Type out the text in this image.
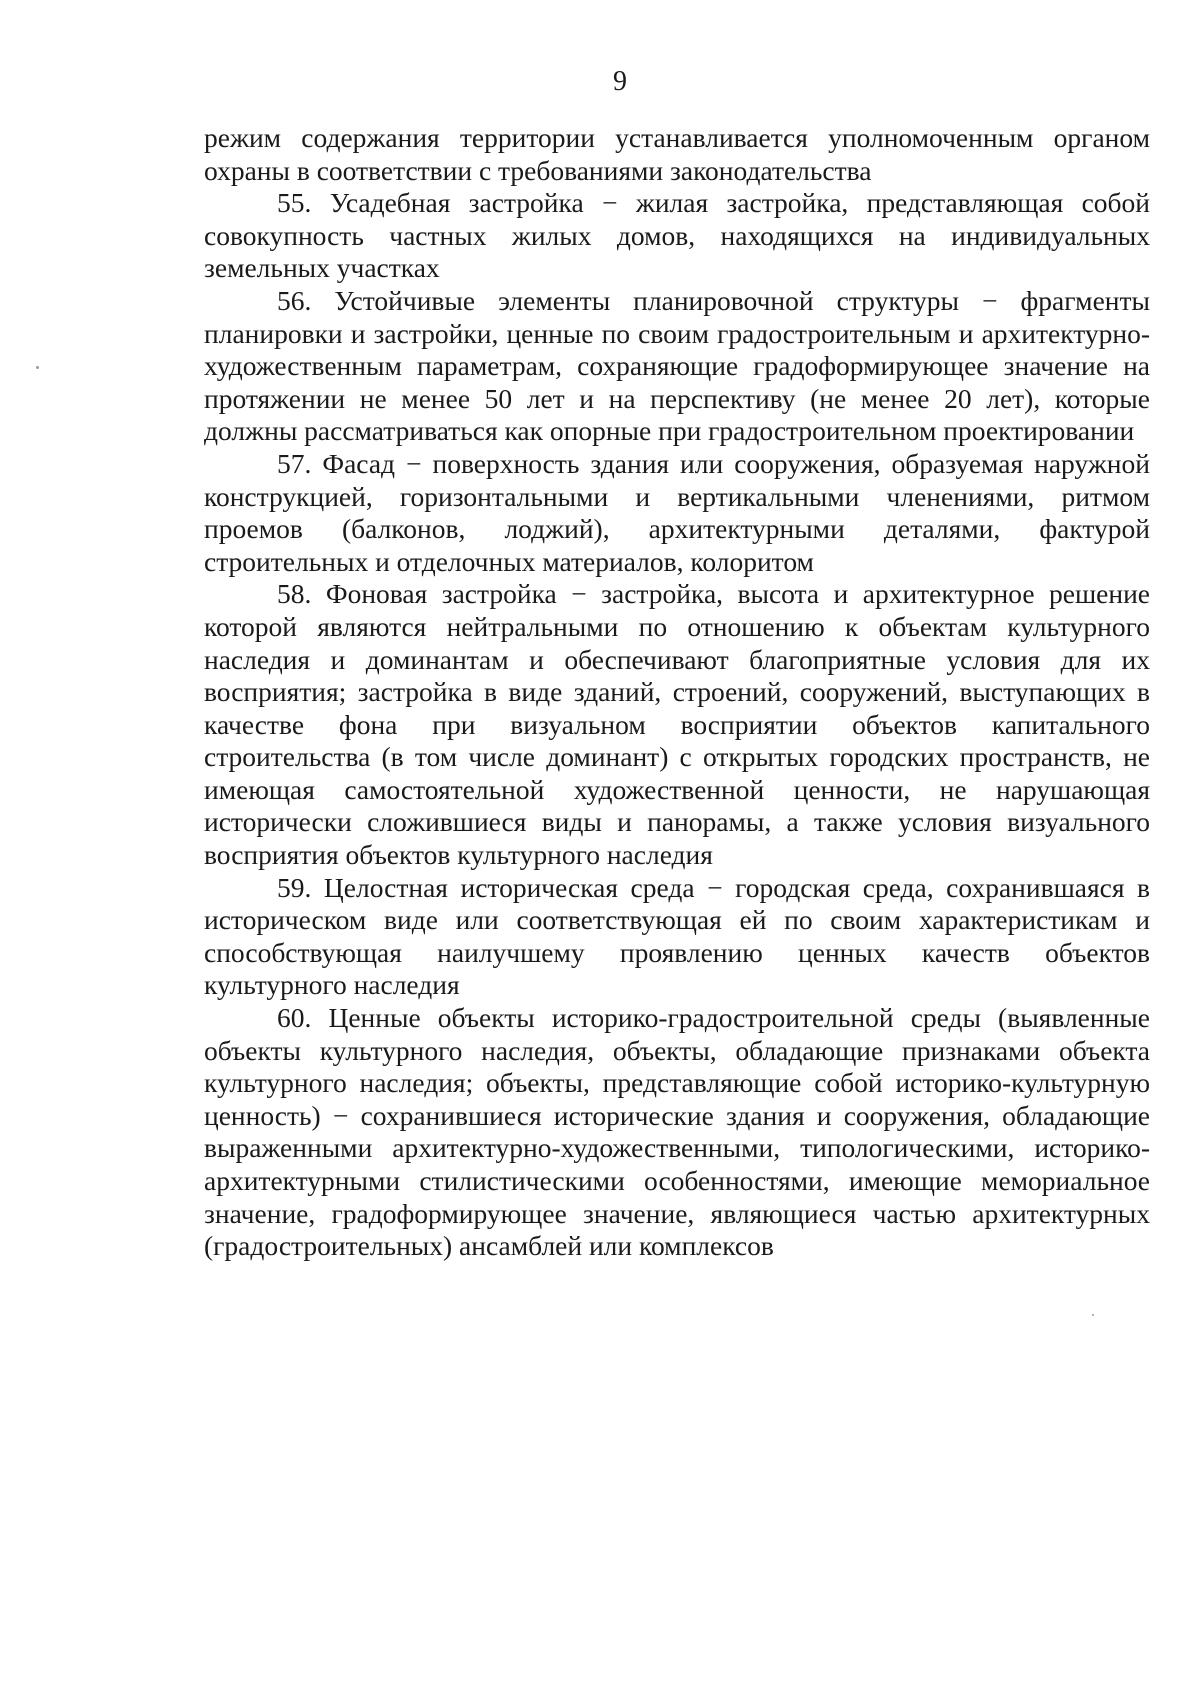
9

режим содержания территории устанавливается уполномоченным органом охраны в соответствии с требованиями законодательства

55. Усадебная застройка − жилая застройка, представляющая собой совокупность частных жилых домов, находящихся на индивидуальных земельных участках

56. Устойчивые элементы планировочной структуры − фрагменты планировки и застройки, ценные по своим градостроительным и архитектурно-художественным параметрам, сохраняющие градоформирующее значение на протяжении не менее 50 лет и на перспективу (не менее 20 лет), которые должны рассматриваться как опорные при градостроительном проектировании

57. Фасад − поверхность здания или сооружения, образуемая наружной конструкцией, горизонтальными и вертикальными членениями, ритмом проемов (балконов, лоджий), архитектурными деталями, фактурой строительных и отделочных материалов, колоритом

58. Фоновая застройка − застройка, высота и архитектурное решение которой являются нейтральными по отношению к объектам культурного наследия и доминантам и обеспечивают благоприятные условия для их восприятия; застройка в виде зданий, строений, сооружений, выступающих в качестве фона при визуальном восприятии объектов капитального строительства (в том числе доминант) с открытых городских пространств, не имеющая самостоятельной художественной ценности, не нарушающая исторически сложившиеся виды и панорамы, а также условия визуального восприятия объектов культурного наследия

59. Целостная историческая среда − городская среда, сохранившаяся в историческом виде или соответствующая ей по своим характеристикам и способствующая наилучшему проявлению ценных качеств объектов культурного наследия

60. Ценные объекты историко-градостроительной среды (выявленные объекты культурного наследия, объекты, обладающие признаками объекта культурного наследия; объекты, представляющие собой историко-культурную ценность) − сохранившиеся исторические здания и сооружения, обладающие выраженными архитектурно-художественными, типологическими, историко-архитектурными стилистическими особенностями, имеющие мемориальное значение, градоформирующее значение, являющиеся частью архитектурных (градостроительных) ансамблей или комплексов
